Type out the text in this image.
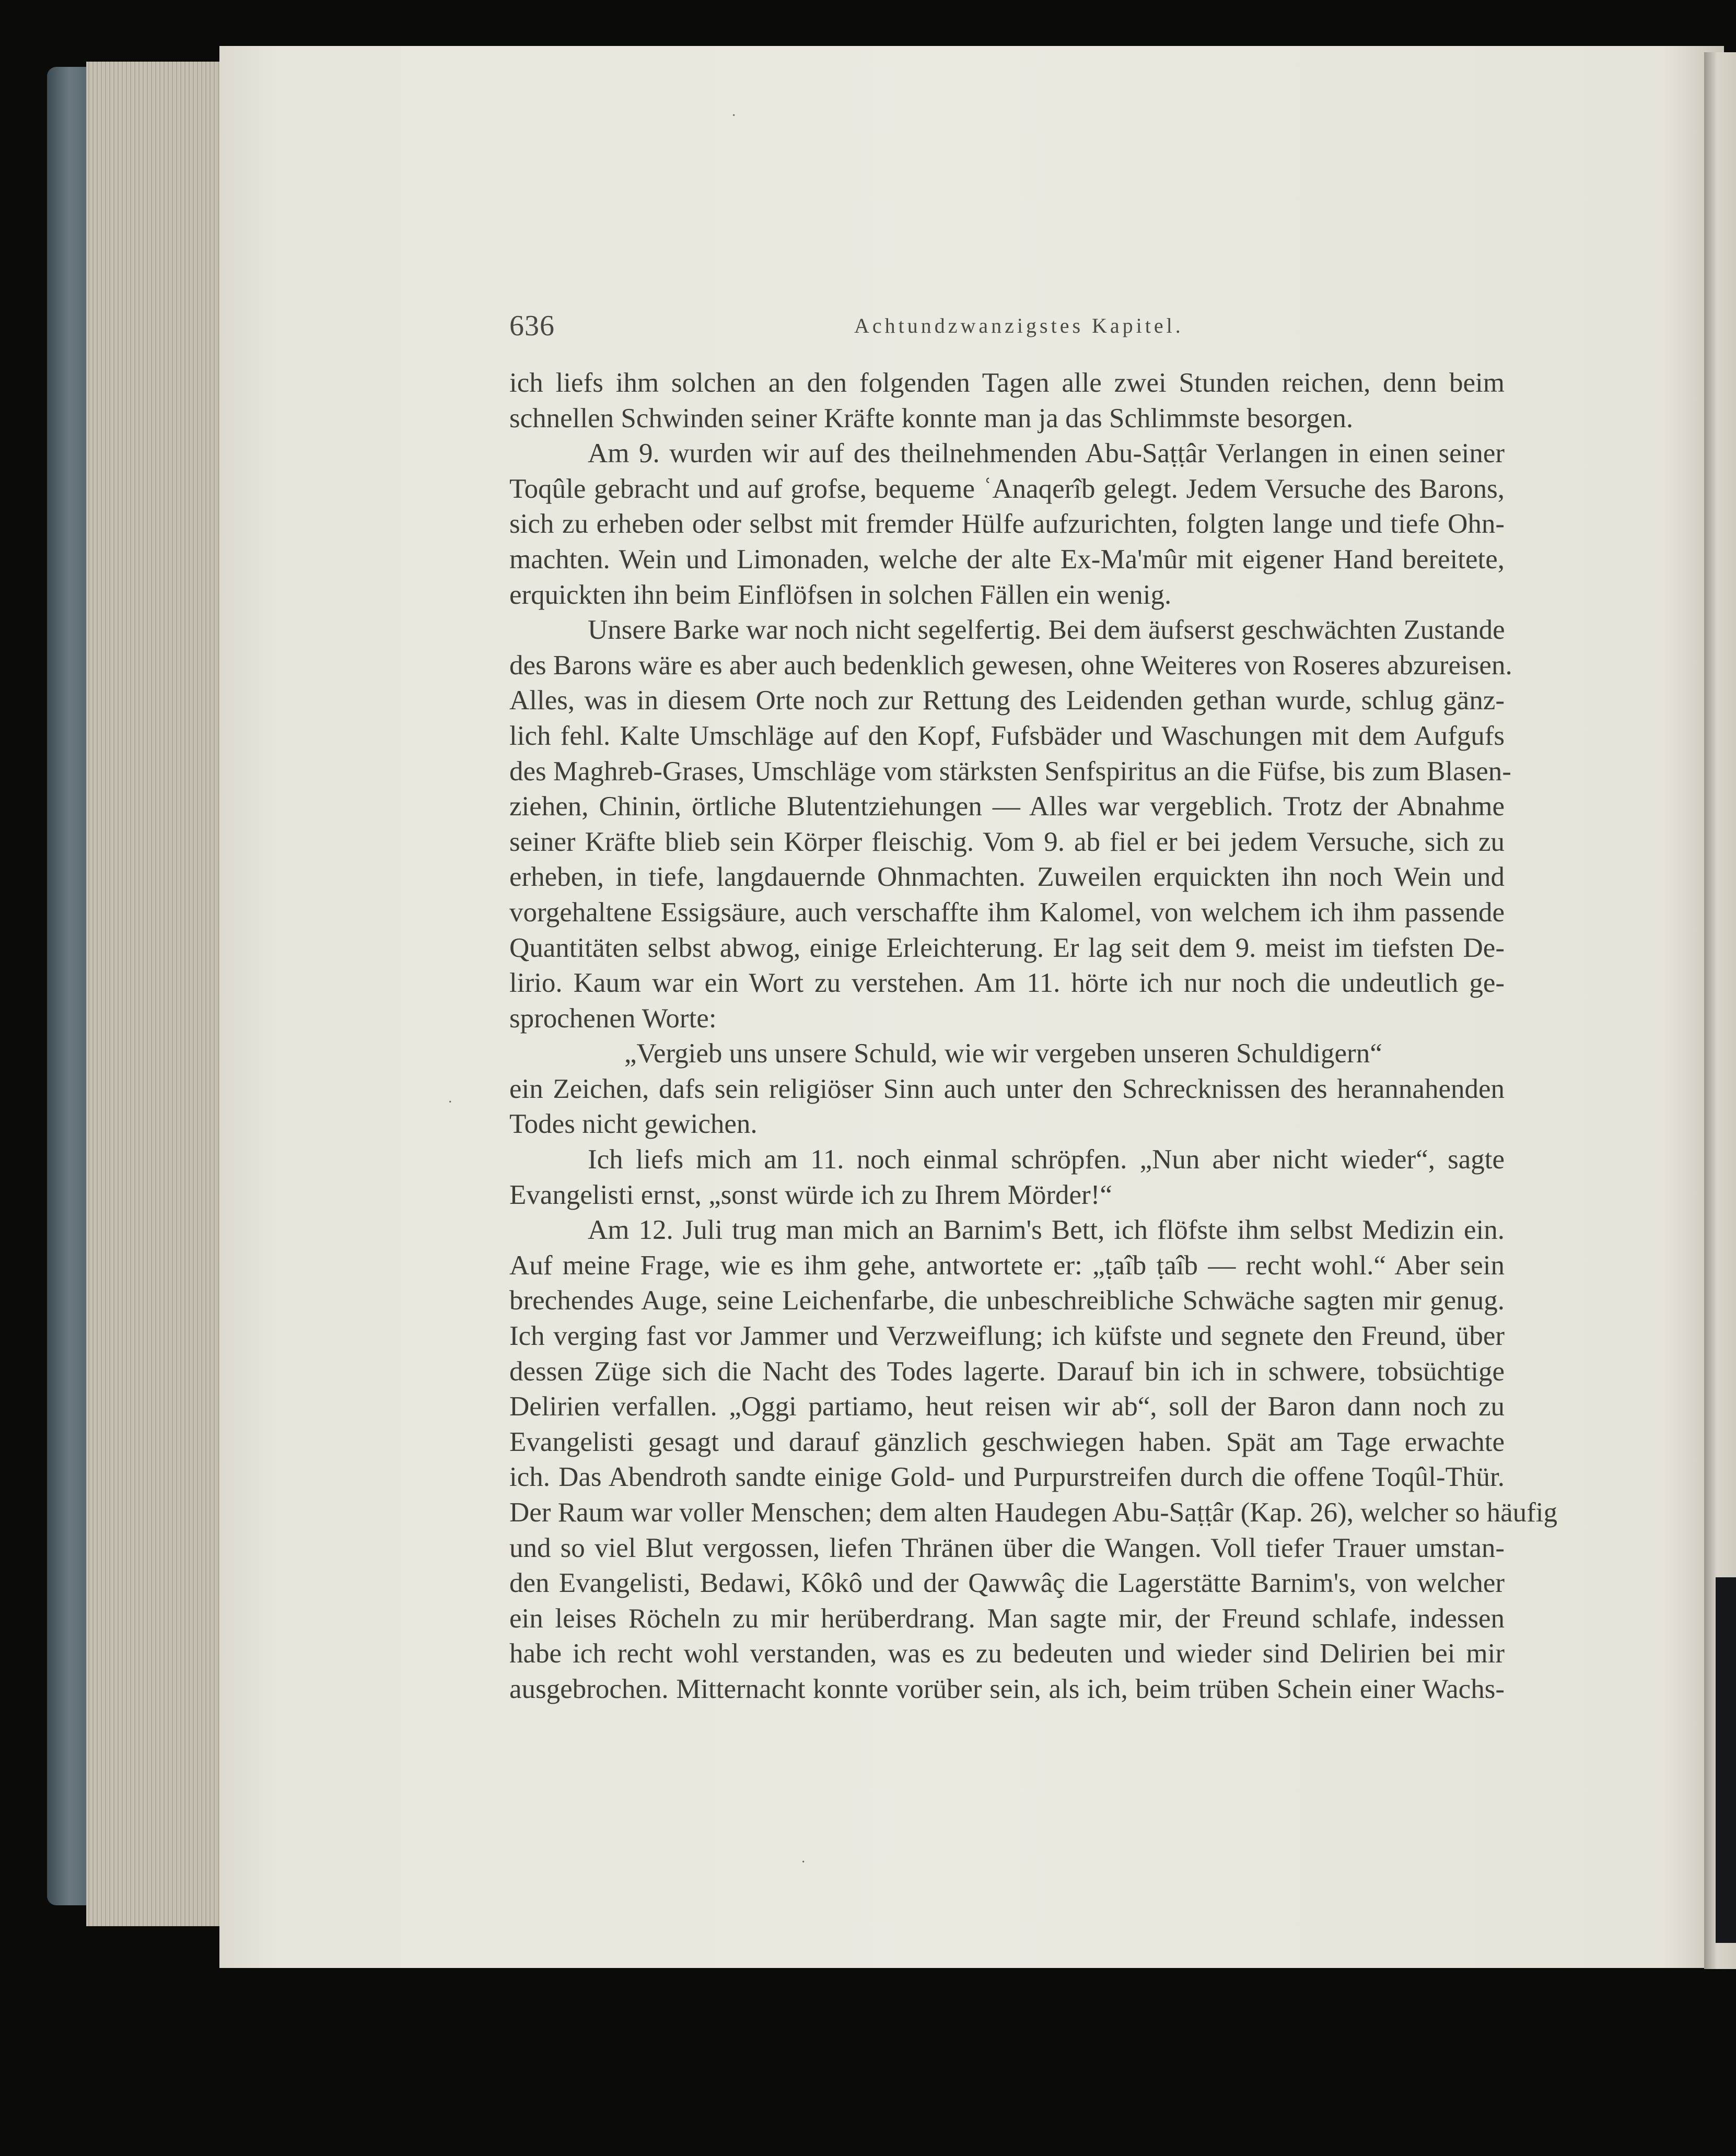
636	Achtundzwanzigstes Kapitel.
ich liefs ihm solchen an den folgenden Tagen alle zwei Stunden reichen, denn beim
schnellen Schwinden seiner Kräfte konnte man ja das Schlimmste besorgen.
Am 9. wurden wir auf des theilnehmenden Abu-Saṭṭâr Verlangen in einen seiner
Toqûle gebracht und auf grofse, bequeme ʿAnaqerîb gelegt. Jedem Versuche des Barons,
sich zu erheben oder selbst mit fremder Hülfe aufzurichten, folgten lange und tiefe Ohn-
machten. Wein und Limonaden, welche der alte Ex-Ma'mûr mit eigener Hand bereitete,
erquickten ihn beim Einflöfsen in solchen Fällen ein wenig.
Unsere Barke war noch nicht segelfertig. Bei dem äufserst geschwächten Zustande
des Barons wäre es aber auch bedenklich gewesen, ohne Weiteres von Roseres abzureisen.
Alles, was in diesem Orte noch zur Rettung des Leidenden gethan wurde, schlug gänz-
lich fehl. Kalte Umschläge auf den Kopf, Fufsbäder und Waschungen mit dem Aufgufs
des Maghreb-Grases, Umschläge vom stärksten Senfspiritus an die Füfse, bis zum Blasen-
ziehen, Chinin, örtliche Blutentziehungen — Alles war vergeblich. Trotz der Abnahme
seiner Kräfte blieb sein Körper fleischig. Vom 9. ab fiel er bei jedem Versuche, sich zu
erheben, in tiefe, langdauernde Ohnmachten. Zuweilen erquickten ihn noch Wein und
vorgehaltene Essigsäure, auch verschaffte ihm Kalomel, von welchem ich ihm passende
Quantitäten selbst abwog, einige Erleichterung. Er lag seit dem 9. meist im tiefsten De-
lirio. Kaum war ein Wort zu verstehen. Am 11. hörte ich nur noch die undeutlich ge-
sprochenen Worte:
„Vergieb uns unsere Schuld, wie wir vergeben unseren Schuldigern“
ein Zeichen, dafs sein religiöser Sinn auch unter den Schrecknissen des herannahenden
Todes nicht gewichen.
Ich liefs mich am 11. noch einmal schröpfen. „Nun aber nicht wieder“, sagte
Evangelisti ernst, „sonst würde ich zu Ihrem Mörder!“
Am 12. Juli trug man mich an Barnim's Bett, ich flöfste ihm selbst Medizin ein.
Auf meine Frage, wie es ihm gehe, antwortete er: „ṭaîb ṭaîb — recht wohl.“ Aber sein
brechendes Auge, seine Leichenfarbe, die unbeschreibliche Schwäche sagten mir genug.
Ich verging fast vor Jammer und Verzweiflung; ich küfste und segnete den Freund, über
dessen Züge sich die Nacht des Todes lagerte. Darauf bin ich in schwere, tobsüchtige
Delirien verfallen. „Oggi partiamo, heut reisen wir ab“, soll der Baron dann noch zu
Evangelisti gesagt und darauf gänzlich geschwiegen haben. Spät am Tage erwachte
ich. Das Abendroth sandte einige Gold- und Purpurstreifen durch die offene Toqûl-Thür.
Der Raum war voller Menschen; dem alten Haudegen Abu-Saṭṭâr (Kap. 26), welcher so häufig
und so viel Blut vergossen, liefen Thränen über die Wangen. Voll tiefer Trauer umstan-
den Evangelisti, Bedawi, Kôkô und der Qawwâç die Lagerstätte Barnim's, von welcher
ein leises Röcheln zu mir herüberdrang. Man sagte mir, der Freund schlafe, indessen
habe ich recht wohl verstanden, was es zu bedeuten und wieder sind Delirien bei mir
ausgebrochen. Mitternacht konnte vorüber sein, als ich, beim trüben Schein einer Wachs-
·
·
·
